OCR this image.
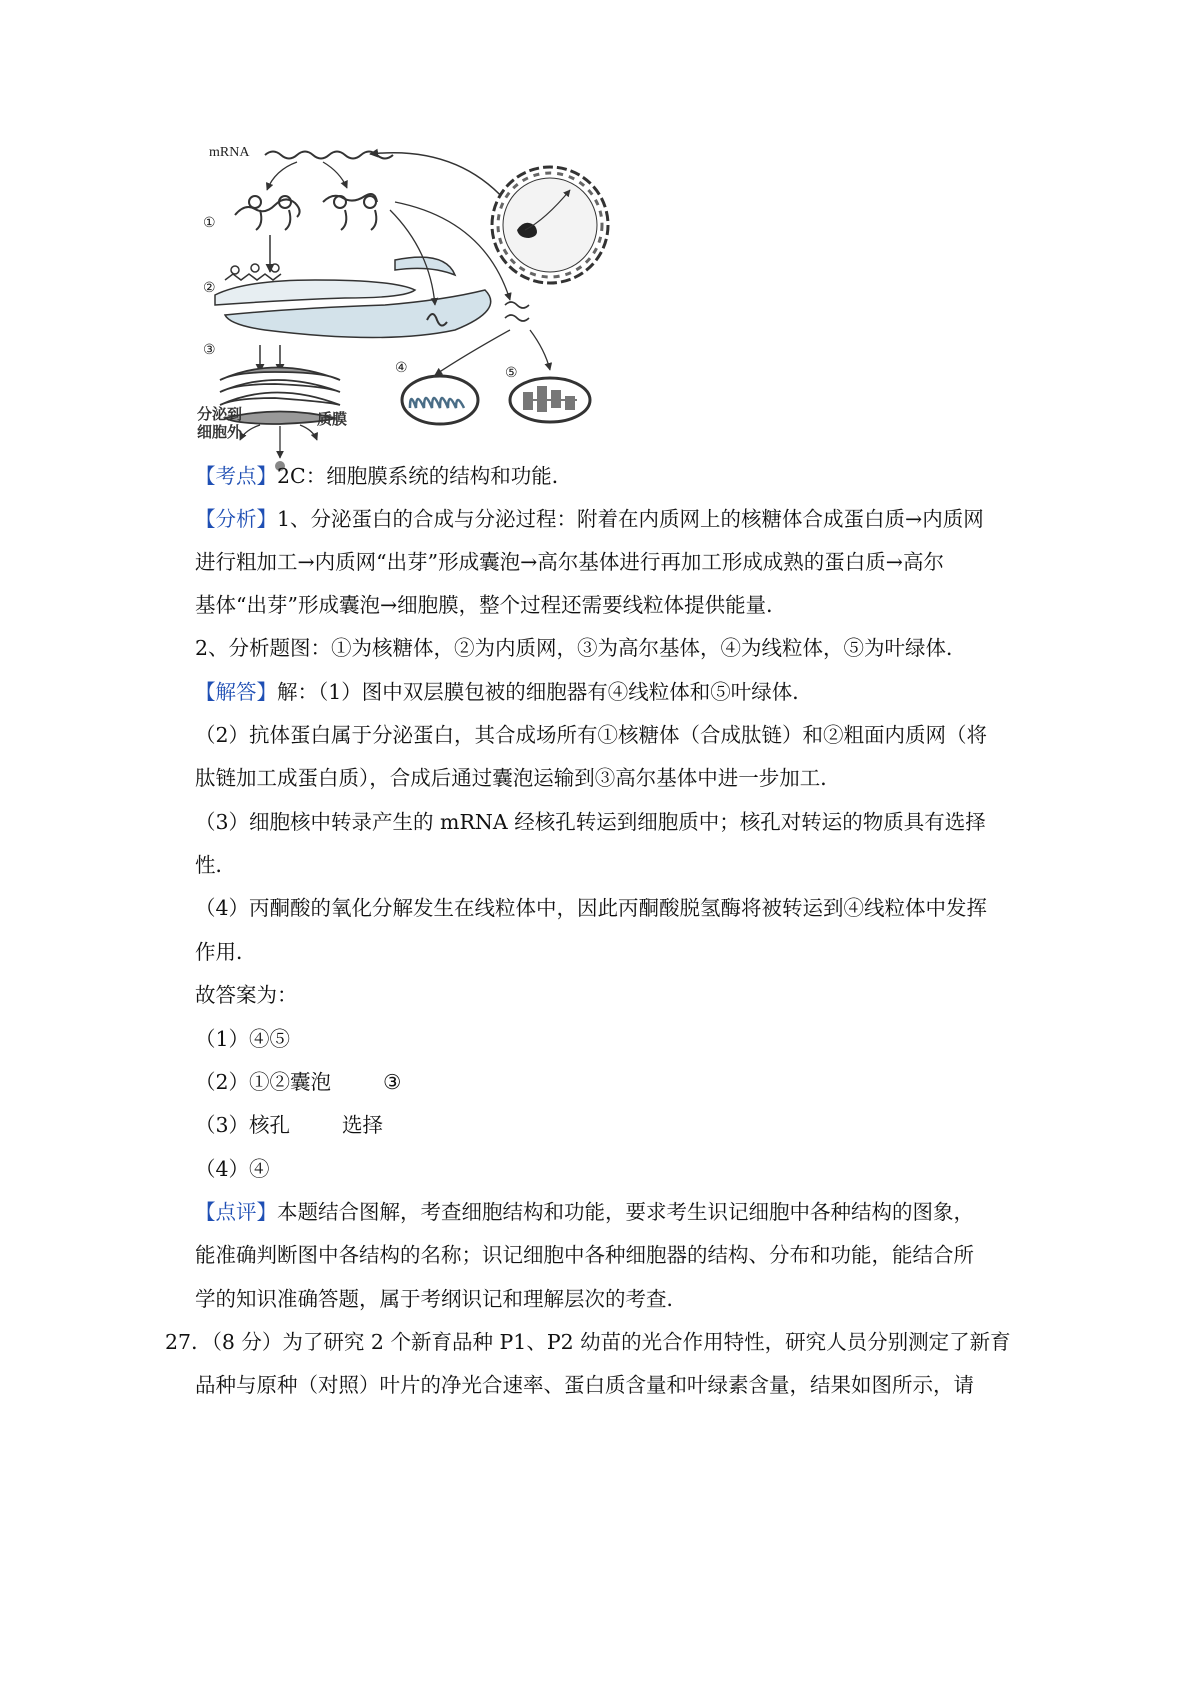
mRNA
①
②
③
④	⑤
分泌到
细胞外
质膜
【考点】2C：细胞膜系统的结构和功能．
【分析】1、分泌蛋白的合成与分泌过程：附着在内质网上的核糖体合成蛋白质→内质网
进行粗加工→内质网“出芽”形成囊泡→高尔基体进行再加工形成成熟的蛋白质→高尔
基体“出芽”形成囊泡→细胞膜，整个过程还需要线粒体提供能量．
2、分析题图：①为核糖体，②为内质网，③为高尔基体，④为线粒体，⑤为叶绿体．
【解答】解：（1）图中双层膜包被的细胞器有④线粒体和⑤叶绿体．
（2）抗体蛋白属于分泌蛋白，其合成场所有①核糖体（合成肽链）和②粗面内质网（将
肽链加工成蛋白质），合成后通过囊泡运输到③高尔基体中进一步加工．
（3）细胞核中转录产生的 mRNA 经核孔转运到细胞质中；核孔对转运的物质具有选择
性．
（4）丙酮酸的氧化分解发生在线粒体中，因此丙酮酸脱氢酶将被转运到④线粒体中发挥
作用．
故答案为：
（1）④⑤
（2）①②囊泡	③
（3）核孔	选择
（4）④
【点评】本题结合图解，考查细胞结构和功能，要求考生识记细胞中各种结构的图象，
能准确判断图中各结构的名称；识记细胞中各种细胞器的结构、分布和功能，能结合所
学的知识准确答题，属于考纲识记和理解层次的考查．
27．（8 分）为了研究 2 个新育品种 P1、P2 幼苗的光合作用特性，研究人员分别测定了新育
品种与原种（对照）叶片的净光合速率、蛋白质含量和叶绿素含量，结果如图所示，请
